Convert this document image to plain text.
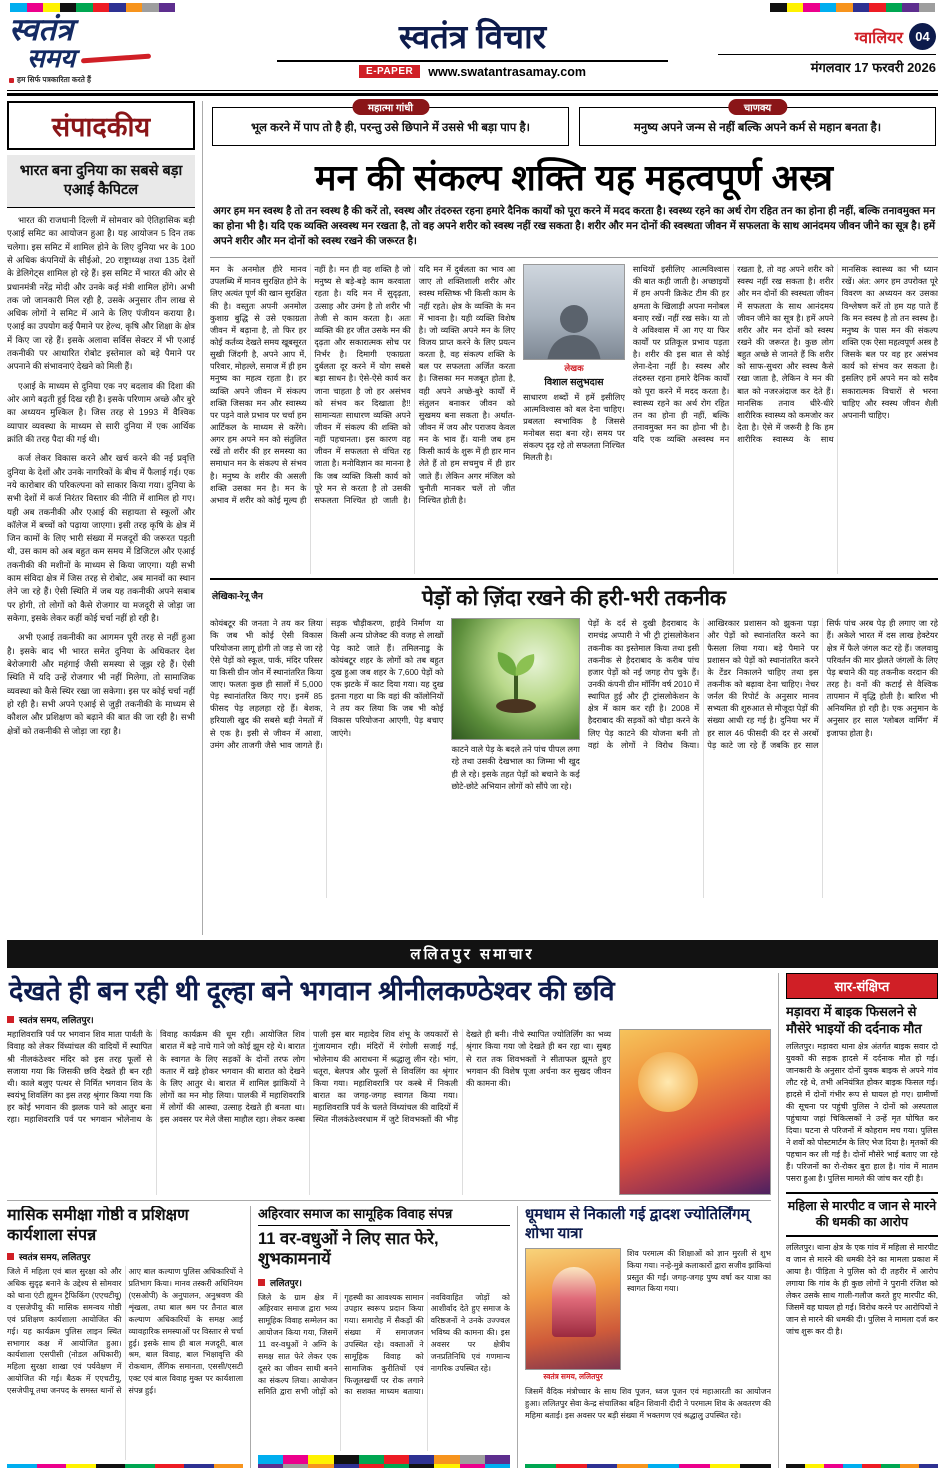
स्वतंत्र
समय
हम सिर्फ पत्रकारिता करते हैं
स्वतंत्र विचार
E-PAPER	www.swatantrasamay.com
ग्वालियर 04
मंगलवार 17 फरवरी 2026
संपादकीय
भारत बना दुनिया का सबसे बड़ा एआई कैपिटल

भारत की राजधानी दिल्ली में सोमवार को ऐतिहासिक बड़ी एआई समिट का आयोजन हुआ है। यह आयोजन 5 दिन तक चलेगा। इस समिट में शामिल होने के लिए दुनिया भर के 100 से अधिक कंपनियों के सीईओ, 20 राष्ट्राध्यक्ष तथा 135 देशों के डेलिगेट्स शामिल हो रहे हैं। इस समिट में भारत की ओर से प्रधानमंत्री नरेंद्र मोदी और उनके कई मंत्री शामिल होंगे। अभी तक जो जानकारी मिल रही है, उसके अनुसार तीन लाख से अधिक लोगों ने समिट में आने के लिए पंजीयन कराया है। एआई का उपयोग कई पैमाने पर हेल्थ, कृषि और शिक्षा के क्षेत्र में किए जा रहे हैं। इसके अलावा सर्विस सेक्टर में भी एआई तकनीकी पर आधारित रोबोट इस्तेमाल को बड़े पैमाने पर अपनाने की संभावनाएं देखने को मिली हैं।

एआई के माध्यम से दुनिया एक नए बदलाव की दिशा की ओर आगे बढ़ती हुई दिख रही है। इसके परिणाम अच्छे और बुरे का अध्ययन मुश्किल है। जिस तरह से 1993 में वैश्विक व्यापार व्यवस्था के माध्यम से सारी दुनिया में एक आर्थिक क्रांति की तरह पैदा की गई थी।

कर्ज लेकर विकास करने और खर्च करने की नई प्रवृत्ति दुनिया के देशों और उनके नागरिकों के बीच में फैलाई गई। एक नये कारोबार की परिकल्पना को साकार किया गया। दुनिया के सभी देशों में कर्ज निरंतर विस्तार की नीति में शामिल हो गए। यही अब तकनीकी और एआई की सहायता से स्कूलों और कॉलेज में बच्चों को पढ़ाया जाएगा। इसी तरह कृषि के क्षेत्र में जिन कामों के लिए भारी संख्या में मजदूरों की जरूरत पड़ती थी, उस काम को अब बहुत कम समय में डिजिटल और एआई तकनीकी की मशीनों के माध्यम से किया जाएगा। यही सभी काम संविदा क्षेत्र में जिस तरह से रोबोट, अब मानवों का स्थान लेने जा रहे हैं। ऐसी स्थिति में जब यह तकनीकी अपने सबाब पर होगी, तो लोगों को कैसे रोजगार या मजदूरी से जोड़ा जा सकेगा, इसके लेकर कहीं कोई चर्चा नहीं हो रही है।

अभी एआई तकनीकी का आगमन पूरी तरह से नहीं हुआ है। इसके बाद भी भारत समेत दुनिया के अधिकतर देश बेरोजगारी और महंगाई जैसी समस्या से जूझ रहे हैं। ऐसी स्थिति में यदि उन्हें रोजगार भी नहीं मिलेगा, तो सामाजिक व्यवस्था को कैसे स्थिर रखा जा सकेगा। इस पर कोई चर्चा नहीं हो रही है। सभी अपने एआई से जुड़ी तकनीकी के माध्यम से कौशल और प्रशिक्षण को बढ़ाने की बात की जा रही है। सभी क्षेत्रों को तकनीकी से जोड़ा जा रहा है।

महात्मा गांधी
भूल करने में पाप तो है ही, परन्तु उसे छिपाने में उससे भी बड़ा पाप है।
चाणक्य
मनुष्य अपने जन्म से नहीं बल्कि अपने कर्म से महान बनता है।
मन की संकल्प शक्ति यह महत्वपूर्ण अस्त्र
अगर हम मन स्वस्थ है तो तन स्वस्थ है की करें तो, स्वस्थ और तंदरुस्त रहना हमारे दैनिक कार्यों को पूरा करने में मदद करता है। स्वस्थ्य रहने का अर्थ रोग रहित तन का होना ही नहीं, बल्कि तनावमुक्त मन का होना भी है। यदि एक व्यक्ति अस्वस्थ मन रखता है, तो वह अपने शरीर को स्वस्थ नहीं रख सकता है। शरीर और मन दोनों की स्वस्थता जीवन में सफलता के साथ आनंदमय जीवन जीने का सूत्र है। हमें अपने शरीर और मन दोनों को स्वस्थ रखने की जरूरत है।
मन के अनमोल हीरे मानव उपलब्धि में मानव सुरक्षित होने के लिए अत्यंत पूर्ण की खान सुरक्षित की है। वस्तुतः अपनी अनमोल कुशाग्र बुद्धि से उसे एकाग्रता जीवन में बढ़ाना है, तो फिर हर कोई कर्तव्य देखते समय खूबसूरत सुखी जिंदगी है, अपने आप में, परिवार, मोहल्ले, समाज में ही हम मनुष्य का महत्व रहता है। हर व्यक्ति अपने जीवन में संकल्प शक्ति जिसका मन और स्वास्थ्य पर पड़ने वाले प्रभाव पर चर्चा हम आर्टिकल के माध्यम से करेंगे। अगर हम अपने मन को संतुलित रखें तो शरीर की हर समस्या का समाधान मन के संकल्प से संभव है। मनुष्य के शरीर की असली शक्ति उसका मन है। मन के अभाव में शरीर को कोई मूल्य ही नहीं है। मन ही वह शक्ति है जो मनुष्य से बड़े-बड़े काम करवाता रहता है। यदि मन में सुदृढ़ता, उत्साह और उमंग है तो शरीर भी तेजी से काम करता है। अतः व्यक्ति की हर जीत उसके मन की दृढ़ता और सकारात्मक सोच पर निर्भर है। दिमागी एकाग्रता दुर्बलता दूर करने में योग सबसे बड़ा साधन है। ऐसे-ऐसे कार्य कर जाना चाहता है जो हर असंभव को संभव कर दिखाता है!! सामान्यतः साधारण व्यक्ति अपने जीवन में संकल्प की शक्ति को नहीं पहचानता। इस कारण वह जीवन में सफलता से वंचित रह जाता है। मनोविज्ञान का मानना है कि जब व्यक्ति किसी कार्य को पूरे मन से करता है तो उसकी सफलता निश्चित हो जाती है। यदि मन में दुर्बलता का भाव आ जाए तो शक्तिशाली शरीर और स्वस्थ मस्तिष्क भी किसी काम के नहीं रहते। क्षेत्र के व्यक्ति के मन में भावना है। यही व्यक्ति विशेष है। जो व्यक्ति अपने मन के लिए विजय प्राप्त करने के लिए प्रयत्न करता है, वह संकल्प शक्ति के बल पर सफलता अर्जित करता है। जिसका मन मजबूत होता है, वही अपने अच्छे-बुरे कार्यों में संतुलन बनाकर जीवन को सुखमय बना सकता है। अर्थात- जीवन में जय और पराजय केवल मन के भाव हैं। यानी जब हम किसी कार्य के शुरू में ही हार मान लेते हैं तो हम सचमुच में ही हार जाते हैं। लेकिन अगर मंजिल को चुनौती मानकर चलें तो जीत निश्चित होती है।
लेखक
विशाल सलुभदास
साधारण शब्दों में हमें इसीलिए आत्मविश्वास को बल देना चाहिए। प्रबलता स्वभाविक है जिससे मनोबल सदा बना रहे। समय पर संकल्प दृढ़ रहे तो सफलता निश्चित मिलती है।
साथियों इसीलिए आत्मविश्वास की बात कही जाती है। अच्छाइयों में हम अपनी क्रिकेट टीम की हर क्षमता के खिलाड़ी अपना मनोबल बनाए रखें। नहीं रख सके। या तो वे अविश्वास में आ गए या फिर कार्यों पर प्रतिकूल प्रभाव पड़ता है। शरीर की इस बात से कोई लेना-देना नहीं है। स्वस्थ और तंदरुस्त रहना हमारे दैनिक कार्यों को पूरा करने में मदद करता है। स्वास्थ्य रहने का अर्थ रोग रहित तन का होना ही नहीं, बल्कि तनावमुक्त मन का होना भी है। यदि एक व्यक्ति अस्वस्थ मन रखता है, तो वह अपने शरीर को स्वस्थ नहीं रख सकता है। शरीर और मन दोनों की स्वस्थता जीवन में सफलता के साथ आनंदमय जीवन जीने का सूत्र है। हमें अपने शरीर और मन दोनों को स्वस्थ रखने की जरूरत है। कुछ लोग बहुत अच्छे से जानते हैं कि शरीर को साफ-सुथरा और स्वस्थ कैसे रखा जाता है, लेकिन वे मन की बात को नजरअंदाज कर देते हैं। मानसिक तनाव धीरे-धीरे शारीरिक स्वास्थ्य को कमजोर कर देता है। ऐसे में जरूरी है कि हम शारीरिक स्वास्थ्य के साथ मानसिक स्वास्थ्य का भी ध्यान रखें। अंत: अगर हम उपरोक्त पूरे विवरण का अध्ययन कर उसका विश्लेषण करें तो हम यह पाते हैं कि मन स्वस्थ है तो तन स्वस्थ है। मनुष्य के पास मन की संकल्प शक्ति एक ऐसा महत्वपूर्ण अस्त्र है जिसके बल पर वह हर असंभव कार्य को संभव कर सकता है। इसलिए हमें अपने मन को सदैव सकारात्मक विचारों से भरना चाहिए और स्वस्थ जीवन शैली अपनानी चाहिए।
लेखिका-रेनू जैन	पेड़ों को ज़िंदा रखने की हरी-भरी तकनीक
कोयंबटूर की जनता ने तय कर लिया कि जब भी कोई ऐसी विकास परियोजना लागू होगी तो जड़ से जा रहे ऐसे पेड़ों को स्कूल, पार्क, मंदिर परिसर या किसी ग्रीन जोन में स्थानांतरित किया जाए। फलतः कुछ ही सालों में 5,000 पेड़ स्थानांतरित किए गए। इनमें 85 फीसद पेड़ लहलहा रहे हैं। बेशक, हरियाली खुद की सबसे बड़ी नेमतों में से एक है। इसी से जीवन में आशा, उमंग और ताजगी जैसे भाव जागते हैं। सड़क चौड़ीकरण, हाईवे निर्माण या किसी अन्य प्रोजेक्ट की वजह से लाखों पेड़ काटे जाते हैं। तमिलनाडु के कोयंबटूर शहर के लोगों को तब बहुत दुख हुआ जब शहर के 7,600 पेड़ों को एक झटके में काट दिया गया। यह दुख इतना गहरा था कि वहां की कॉलोनियों ने तय कर लिया कि जब भी कोई विकास परियोजना आएगी, पेड़ बचाए जाएंगे।
काटने वाले पेड़ के बदले तने पांच पीपल लगा रहे तथा उसकी देखभाल का जिम्मा भी खुद ही ले रहे। इसके तहत पेड़ों को बचाने के कई छोटे-छोटे अभियान लोगों को सौंपे जा रहे।
पेड़ों के दर्द से दुखी हैदराबाद के रामचंद्र अप्पारी ने भी ट्री ट्रांसलोकेशन तकनीक का इस्तेमाल किया तथा इसी तकनीक से हैदराबाद के करीब पांच हजार पेड़ों को नई जगह रोप चुके हैं। उनकी कंपनी ग्रीन मॉर्निंग वर्ष 2010 में स्थापित हुई और ट्री ट्रांसलोकेशन के क्षेत्र में काम कर रही है। 2008 में हैदराबाद की सड़कों को चौड़ा करने के लिए पेड़ काटने की योजना बनी तो वहां के लोगों ने विरोध किया। आखिरकार प्रशासन को झुकना पड़ा और पेड़ों को स्थानांतरित करने का फैसला लिया गया। बड़े पैमाने पर प्रशासन को पेड़ों को स्थानांतरित करने के टेंडर निकालने चाहिए तथा इस तकनीक को बढ़ावा देना चाहिए। नेचर जर्नल की रिपोर्ट के अनुसार मानव सभ्यता की शुरुआत से मौजूदा पेड़ों की संख्या आधी रह गई है। दुनिया भर में हर साल 46 फीसदी की दर से अरबों पेड़ काटे जा रहे हैं जबकि हर साल सिर्फ पांच अरब पेड़ ही लगाए जा रहे हैं। अकेले भारत में दस लाख हेक्टेयर क्षेत्र में फैले जंगल कट रहे हैं। जलवायु परिवर्तन की मार झेलते जंगलों के लिए पेड़ बचाने की यह तकनीक वरदान की तरह है। वनों की कटाई से वैश्विक तापमान में वृद्धि होती है। बारिश भी अनियमित हो रही है। एक अनुमान के अनुसार हर साल 'ग्लोबल वार्मिंग' में इजाफा होता है।
ललितपुर समाचार
देखते ही बन रही थी दूल्हा बने भगवान श्रीनीलकण्ठेश्वर की छवि
स्वतंत्र समय, ललितपुर।
महाशिवरात्रि पर्व पर भगवान शिव माता पार्वती के विवाह को लेकर विंध्यांचल की वादियों में स्थापित श्री नीलकंठेश्वर मंदिर को इस तरह फूलों से सजाया गया कि जिसकी छवि देखते ही बन रही थी। काले बलुए पत्थर से निर्मित भगवान शिव के स्वयंभू शिवलिंग का इस तरह श्रृंगार किया गया कि हर कोई भगवान की झलक पाने को आतुर बना रहा। महाशिवरात्रि पर्व पर भगवान भोलेनाथ के विवाह कार्यक्रम की धूम रही। आयोजित शिव बारात में बड़े नाचे गाने जो कोई झूम रहे थे। बारात के स्वागत के लिए सड़कों के दोनों तरफ लोग कतार में खड़े होकर भगवान की बारात को देखने के लिए आतुर थे। बारात में शामिल झांकियों ने लोगों का मन मोह लिया। पालकी में महाशिवरात्रि में लोगों की आस्था, उत्साह देखते ही बनता था। इस अवसर पर मेले जैसा माहौल रहा। लेकर कस्बा पाली इस बार महादेव शिव शंभू के जयकारों से गुंजायमान रही। मंदिरों में रंगोली सजाई गई, भोलेनाथ की आराधना में श्रद्धालु लीन रहे। भांग, धतूरा, बेलपत्र और फूलों से शिवलिंग का श्रृंगार किया गया। महाशिवरात्रि पर कस्बे में निकली बारात का जगह-जगह स्वागत किया गया। महाशिवरात्रि पर्व के चलते विंध्यांचल की वादियों में स्थित नीलकंठेश्वरधाम में जुटे शिवभक्तों की भीड़ देखते ही बनी। नीचे स्थापित ज्योतिर्लिंग का भव्य श्रृंगार किया गया जो देखते ही बन रहा था। सुबह से रात तक शिवभक्तों ने सीताफल झूमते हुए भगवान की विशेष पूजा अर्चना कर सुखद जीवन की कामना की।
मासिक समीक्षा गोष्ठी व प्रशिक्षण कार्यशाला संपन्न
स्वतंत्र समय, ललितपुर
जिले में महिला एवं बाल सुरक्षा को और अधिक सुदृढ़ बनाने के उद्देश्य से सोमवार को थाना एंटी ह्यूमन ट्रैफिकिंग (एएचटीयू) व एसजेपीयू की मासिक समन्वय गोष्ठी एवं प्रशिक्षण कार्यशाला आयोजित की गई। यह कार्यक्रम पुलिस लाइन स्थित सभागार कक्ष में आयोजित हुआ। कार्यशाला एसपीसी (नोडल अधिकारी) महिला सुरक्षा शाखा एवं पर्यवेक्षण में आयोजित की गई। बैठक में एएचटीयू, एसजेपीयू तथा जनपद के समस्त थानों से आए बाल कल्याण पुलिस अधिकारियों ने प्रतिभाग किया। मानव तस्करी अधिनियम (एसओपी) के अनुपालन, अनुश्रवण की शृंखला, तथा बाल श्रम पर तैनात बाल कल्याण अधिकारियों के समक्ष आई व्यावहारिक समस्याओं पर विस्तार से चर्चा हुई। इसके साथ ही बाल मजदूरी, बाल श्रम, बाल विवाह, बाल भिक्षावृत्ति की रोकथाम, लैंगिक समानता, एससी/एसटी एक्ट एवं बाल विवाह मुक्त पर कार्यशाला संपन्न हुई।
अहिरवार समाज का सामूहिक विवाह संपन्न
11 वर-वधुओं ने लिए सात फेरे, शुभकामनायें
ललितपुर।
जिले के ग्राम क्षेत्र में अहिरवार समाज द्वारा भव्य सामूहिक विवाह सम्मेलन का आयोजन किया गया, जिसमें 11 वर-वधुओं ने अग्नि के समक्ष सात फेरे लेकर एक दूसरे का जीवन साथी बनने का संकल्प लिया। आयोजन समिति द्वारा सभी जोड़ों को गृहस्थी का आवश्यक सामान उपहार स्वरूप प्रदान किया गया। समारोह में सैकड़ों की संख्या में समाजजन उपस्थित रहे। वक्ताओं ने सामूहिक विवाह को सामाजिक कुरीतियों एवं फिजूलखर्ची पर रोक लगाने का सशक्त माध्यम बताया। नवविवाहित जोड़ों को आशीर्वाद देते हुए समाज के वरिष्ठजनों ने उनके उज्ज्वल भविष्य की कामना की। इस अवसर पर क्षेत्रीय जनप्रतिनिधि एवं गणमान्य नागरिक उपस्थित रहे।
धूमधाम से निकाली गई द्वादश ज्योतिर्लिंगम् शोभा यात्रा
स्वतंत्र समय, ललितपुर
शिव परमात्म की शिक्षाओं को ज्ञान मुरली से शुभ किया गया। नन्हे-मुन्ने कलाकारों द्वारा सजीव झांकियां प्रस्तुत की गईं। जगह-जगह पुष्प वर्षा कर यात्रा का स्वागत किया गया।
जिसमें वैदिक मंत्रोच्चार के साथ शिव पूजन, ध्वज पूजन एवं महाआरती का आयोजन हुआ। ललितपुर सेवा केन्द्र संचालिका बहिन शिवानी दीदी ने परमात्म शिव के अवतरण की महिमा बताई। इस अवसर पर बड़ी संख्या में भक्तगण एवं श्रद्धालु उपस्थित रहे।
सार-संक्षिप्त
मड़ावरा में बाइक फिसलने से मौसेरे भाइयों की दर्दनाक मौत
ललितपुर। मड़ावरा थाना क्षेत्र अंतर्गत बाइक सवार दो युवकों की सड़क हादसे में दर्दनाक मौत हो गई। जानकारी के अनुसार दोनों युवक बाइक से अपने गांव लौट रहे थे, तभी अनियंत्रित होकर बाइक फिसल गई। हादसे में दोनों गंभीर रूप से घायल हो गए। ग्रामीणों की सूचना पर पहुंची पुलिस ने दोनों को अस्पताल पहुंचाया जहां चिकित्सकों ने उन्हें मृत घोषित कर दिया। घटना से परिजनों में कोहराम मच गया। पुलिस ने शवों को पोस्टमार्टम के लिए भेज दिया है। मृतकों की पहचान कर ली गई है। दोनों मौसेरे भाई बताए जा रहे हैं। परिजनों का रो-रोकर बुरा हाल है। गांव में मातम पसरा हुआ है। पुलिस मामले की जांच कर रही है।
महिला से मारपीट व जान से मारने की धमकी का आरोप
ललितपुर। थाना क्षेत्र के एक गांव में महिला से मारपीट व जान से मारने की धमकी देने का मामला प्रकाश में आया है। पीड़िता ने पुलिस को दी तहरीर में आरोप लगाया कि गांव के ही कुछ लोगों ने पुरानी रंजिश को लेकर उसके साथ गाली-गलौज करते हुए मारपीट की, जिसमें वह घायल हो गई। विरोध करने पर आरोपियों ने जान से मारने की धमकी दी। पुलिस ने मामला दर्ज कर जांच शुरू कर दी है।
